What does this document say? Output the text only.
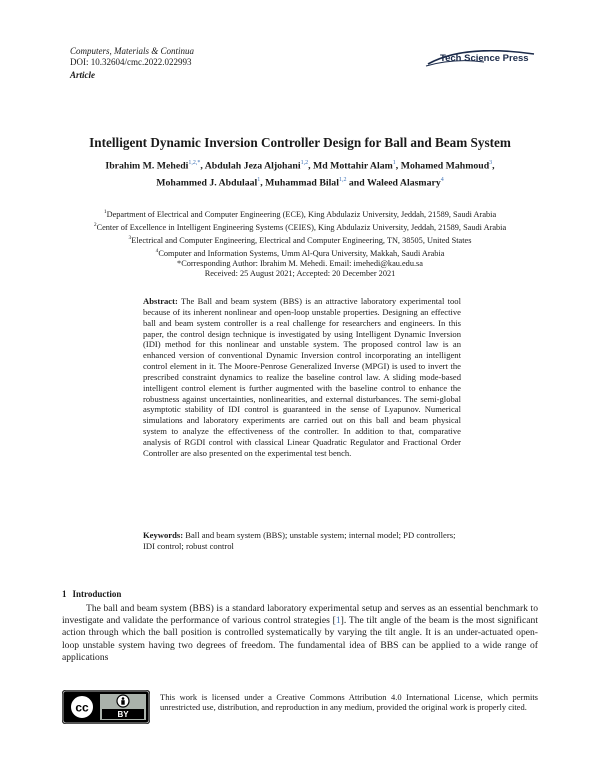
Computers, Materials & Continua
DOI: 10.32604/cmc.2022.022993
Article
Tech Science Press
Intelligent Dynamic Inversion Controller Design for Ball and Beam System
Ibrahim M. Mehedi$^{1,2,*}$, Abdulah Jeza Aljohani$^{1,2}$, Md Mottahir Alam$^1$, Mohamed Mahmoud$^3$,
Mohammed J. Abdulaal$^1$, Muhammad Bilal$^{1,2}$ and Waleed Alasmary$^4$
$^1$Department of Electrical and Computer Engineering (ECE), King Abdulaziz University, Jeddah, 21589, Saudi Arabia
$^2$Center of Excellence in Intelligent Engineering Systems (CEIES), King Abdulaziz University, Jeddah, 21589, Saudi Arabia
$^3$Electrical and Computer Engineering, Electrical and Computer Engineering, TN, 38505, United States
$^4$Computer and Information Systems, Umm Al-Qura University, Makkah, Saudi Arabia
*Corresponding Author: Ibrahim M. Mehedi. Email: imehedi@kau.edu.sa
Received: 25 August 2021; Accepted: 20 December 2021
Abstract: The Ball and beam system (BBS) is an attractive laboratory experimental tool because of its inherent nonlinear and open-loop unstable properties. Designing an effective ball and beam system controller is a real challenge for researchers and engineers. In this paper, the control design technique is investigated by using Intelligent Dynamic Inversion (IDI) method for this nonlinear and unstable system. The proposed control law is an enhanced version of conventional Dynamic Inversion control incorporating an intelligent control element in it. The Moore-Penrose Generalized Inverse (MPGI) is used to invert the prescribed constraint dynamics to realize the baseline control law. A sliding mode-based intelligent control element is further augmented with the baseline control to enhance the robustness against uncertainties, nonlinearities, and external disturbances. The semi-global asymptotic stability of IDI control is guaranteed in the sense of Lyapunov. Numerical simulations and laboratory experiments are carried out on this ball and beam physical system to analyze the effectiveness of the controller. In addition to that, comparative analysis of RGDI control with classical Linear Quadratic Regulator and Fractional Order Controller are also presented on the experimental test bench.
Keywords: Ball and beam system (BBS); unstable system; internal model; PD controllers; IDI control; robust control
1 Introduction
The ball and beam system (BBS) is a standard laboratory experimental setup and serves as an essential benchmark to investigate and validate the performance of various control strategies [1]. The tilt angle of the beam is the most significant action through which the ball position is controlled systematically by varying the tilt angle. It is an under-actuated open-loop unstable system having two degrees of freedom. The fundamental idea of BBS can be applied to a wide range of applications
cc	BY
This work is licensed under a Creative Commons Attribution 4.0 International License, which permits unrestricted use, distribution, and reproduction in any medium, provided the original work is properly cited.
